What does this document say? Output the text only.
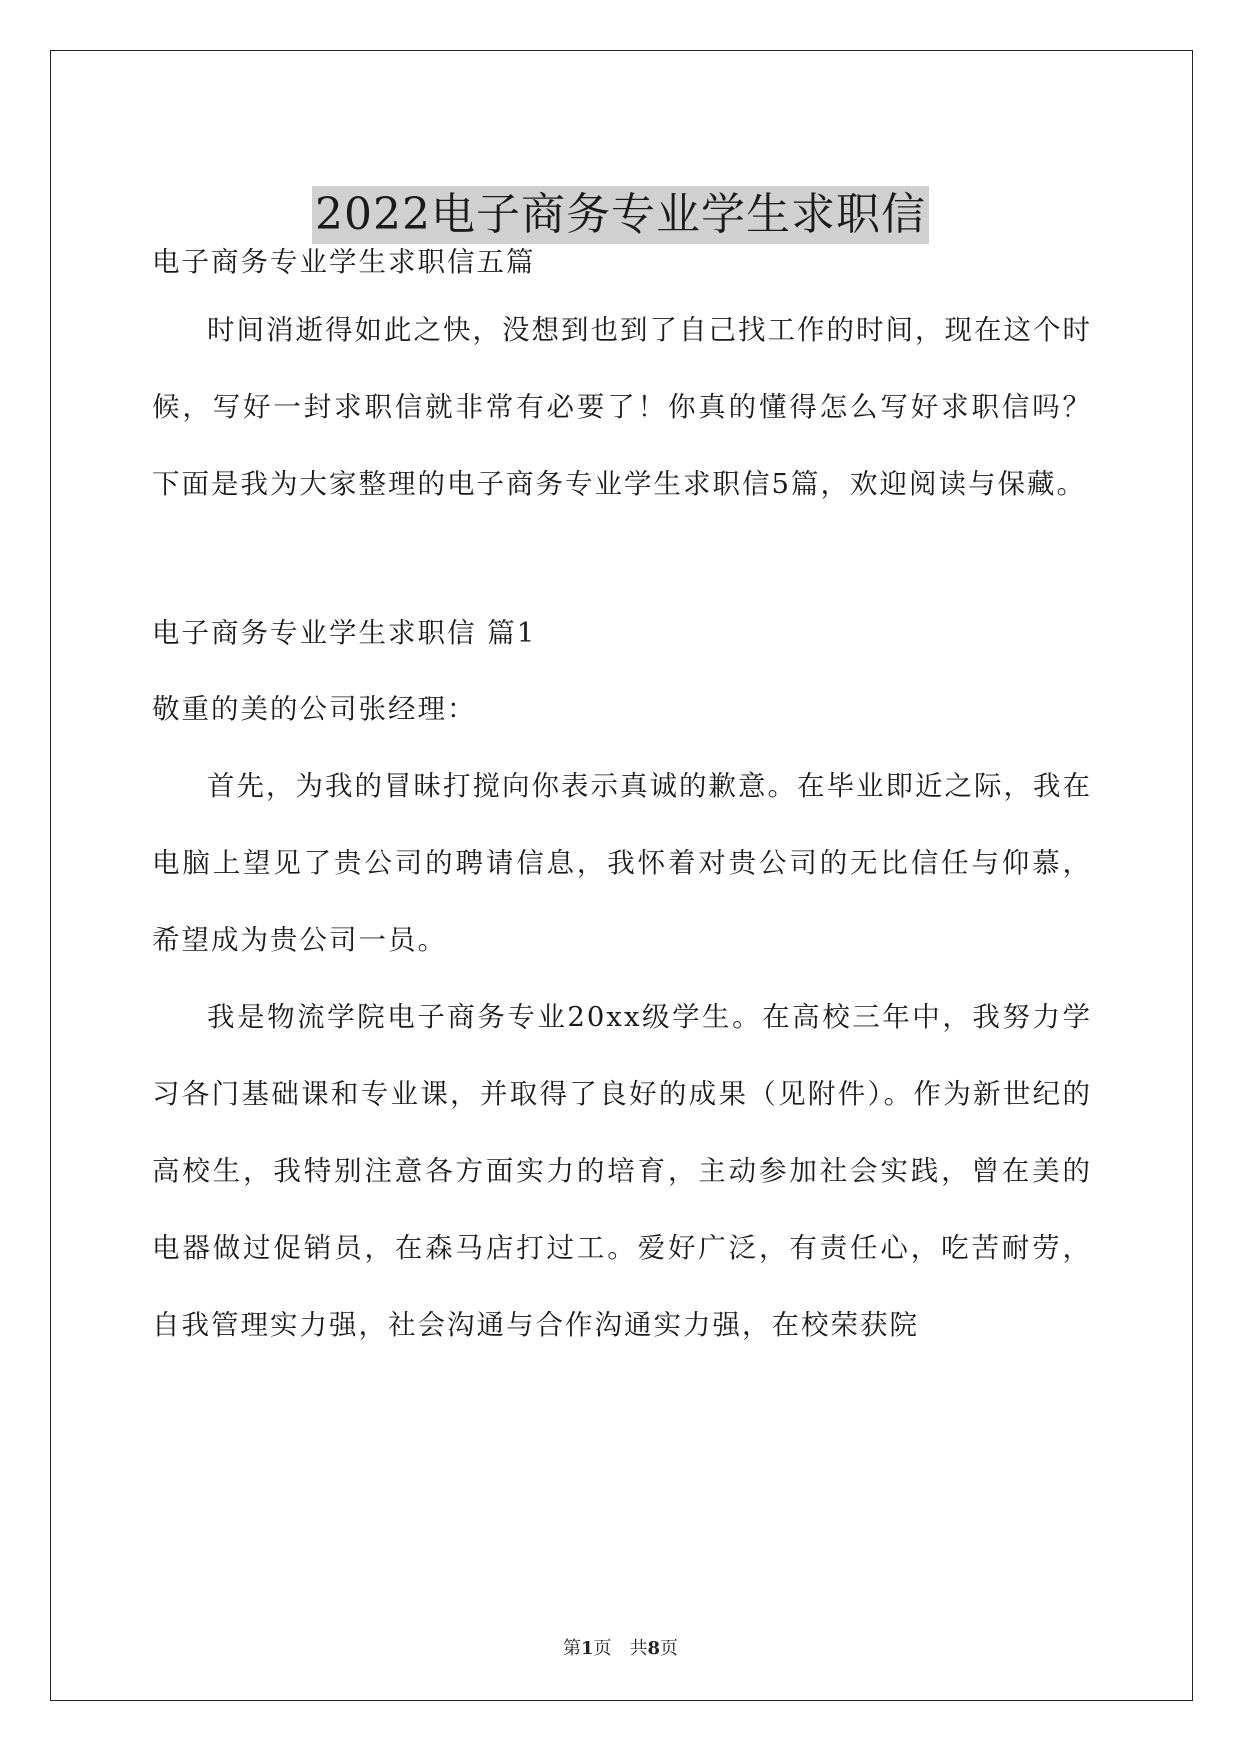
2022电子商务专业学生求职信

电子商务专业学生求职信五篇

时间消逝得如此之快，没想到也到了自己找工作的时间，现在这个时候，写好一封求职信就非常有必要了！你真的懂得怎么写好求职信吗？下面是我为大家整理的电子商务专业学生求职信5篇，欢迎阅读与保藏。

电子商务专业学生求职信 篇1

敬重的美的公司张经理：

首先，为我的冒昧打搅向你表示真诚的歉意。在毕业即近之际，我在电脑上望见了贵公司的聘请信息，我怀着对贵公司的无比信任与仰慕，希望成为贵公司一员。

我是物流学院电子商务专业20xx级学生。在高校三年中，我努力学习各门基础课和专业课，并取得了良好的成果（见附件）。作为新世纪的高校生，我特别注意各方面实力的培育，主动参加社会实践，曾在美的电器做过促销员，在森马店打过工。爱好广泛，有责任心，吃苦耐劳，自我管理实力强，社会沟通与合作沟通实力强，在校荣获院

第1页　共8页
